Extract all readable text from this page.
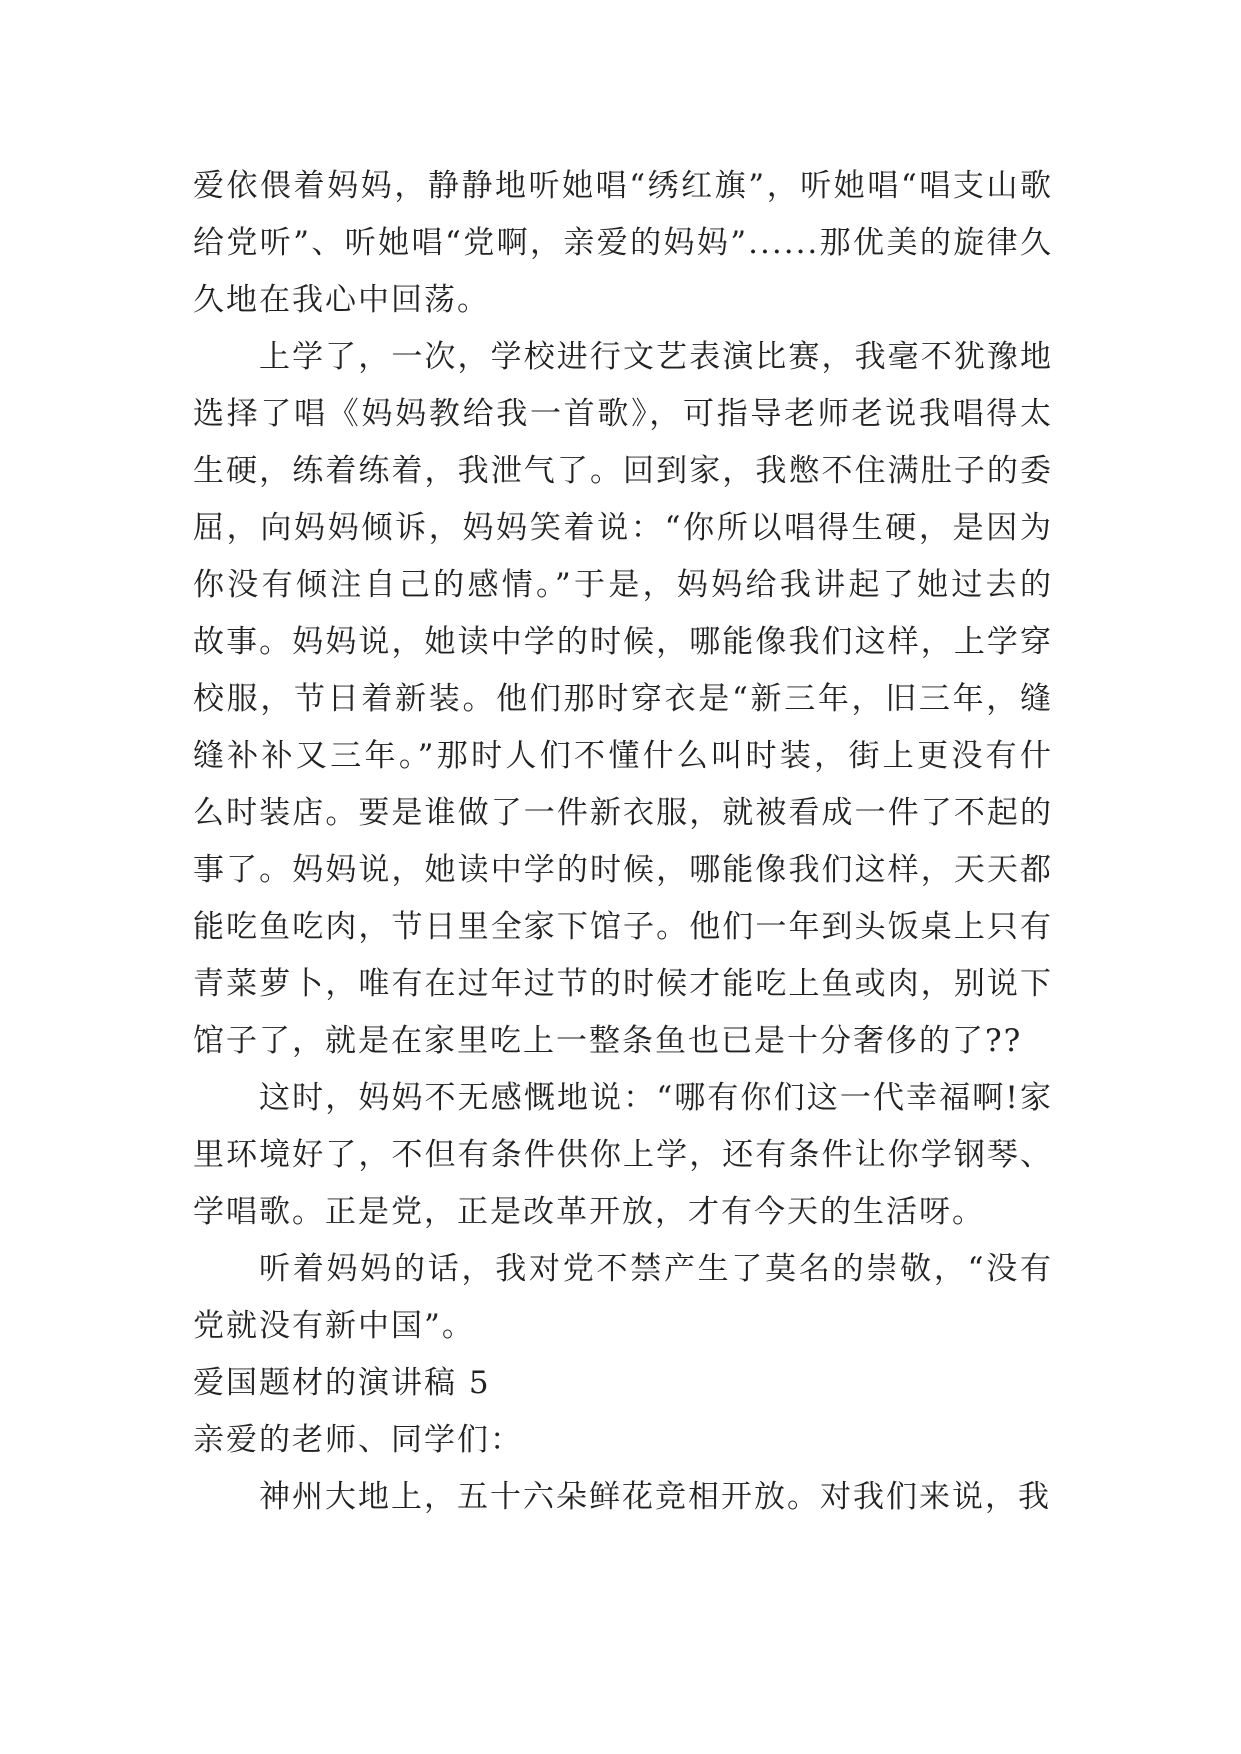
爱依偎着妈妈，静静地听她唱“绣红旗”，听她唱“唱支山歌给党听”、听她唱“党啊，亲爱的妈妈”......那优美的旋律久久地在我心中回荡。

上学了，一次，学校进行文艺表演比赛，我毫不犹豫地选择了唱《妈妈教给我一首歌》，可指导老师老说我唱得太生硬，练着练着，我泄气了。回到家，我憋不住满肚子的委屈，向妈妈倾诉，妈妈笑着说：“你所以唱得生硬，是因为你没有倾注自己的感情。”于是，妈妈给我讲起了她过去的故事。妈妈说，她读中学的时候，哪能像我们这样，上学穿校服，节日着新装。他们那时穿衣是“新三年，旧三年，缝缝补补又三年。”那时人们不懂什么叫时装，街上更没有什么时装店。要是谁做了一件新衣服，就被看成一件了不起的事了。妈妈说，她读中学的时候，哪能像我们这样，天天都能吃鱼吃肉，节日里全家下馆子。他们一年到头饭桌上只有青菜萝卜，唯有在过年过节的时候才能吃上鱼或肉，别说下馆子了，就是在家里吃上一整条鱼也已是十分奢侈的了??

这时，妈妈不无感慨地说：“哪有你们这一代幸福啊!家里环境好了，不但有条件供你上学，还有条件让你学钢琴、学唱歌。正是党，正是改革开放，才有今天的生活呀。

听着妈妈的话，我对党不禁产生了莫名的崇敬，“没有党就没有新中国”。

爱国题材的演讲稿 5

亲爱的老师、同学们：

神州大地上，五十六朵鲜花竞相开放。对我们来说，我
